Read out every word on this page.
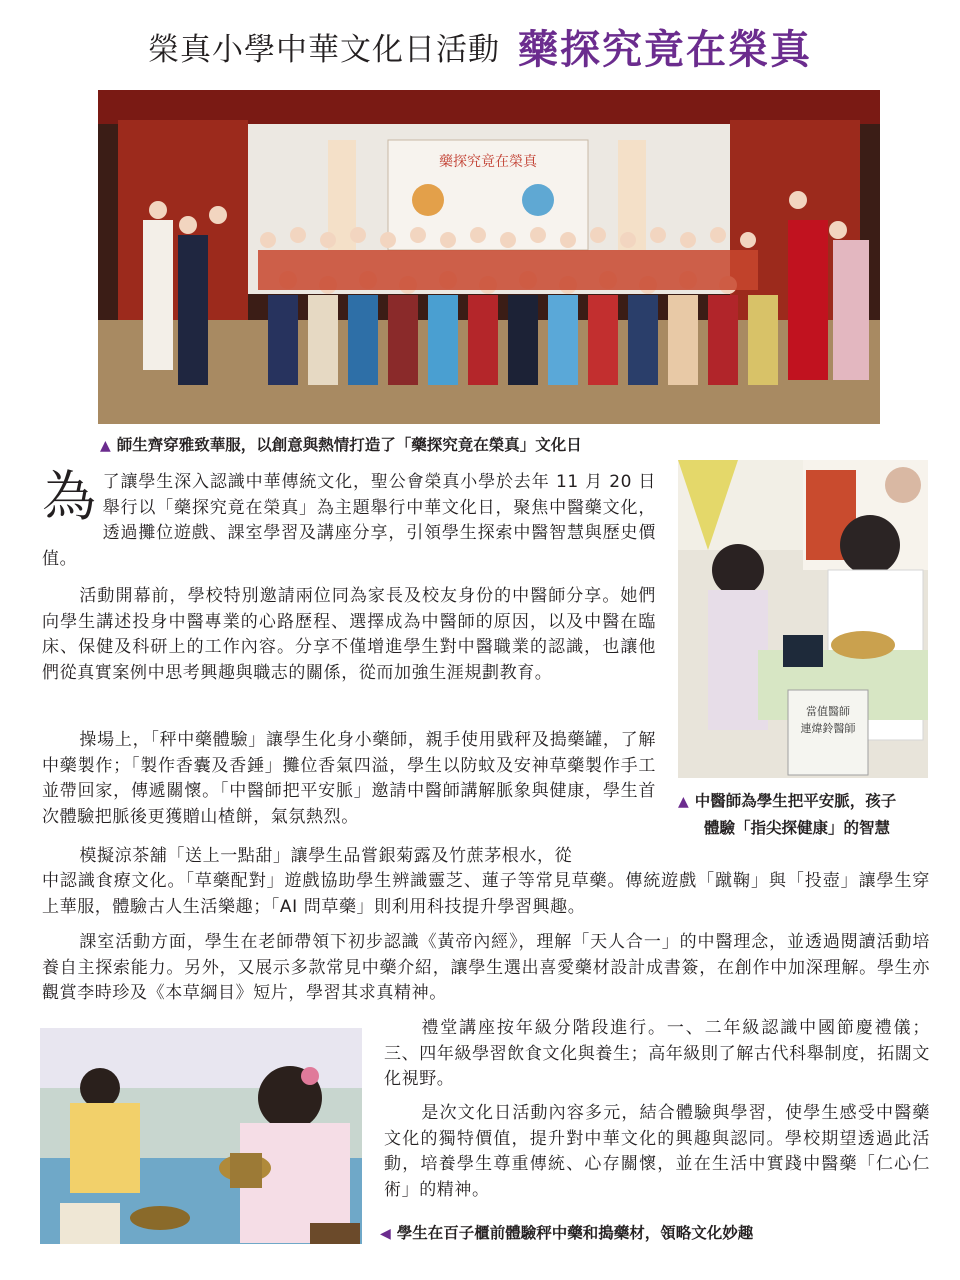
榮真小學中華文化日活動 藥探究竟在榮真
藥探究竟在榮真
▲ 師生齊穿雅致華服，以創意與熱情打造了「藥探究竟在榮真」文化日
當值醫師
連煒鈴醫師
▲ 中醫師為學生把平安脈，孩子
體驗「指尖探健康」的智慧
為了讓學生深入認識中華傳統文化，聖公會榮真小學於去年 11 月 20 日舉行以「藥探究竟在榮真」為主題舉行中華文化日，聚焦中醫藥文化，透過攤位遊戲、課室學習及講座分享，引領學生探索中醫智慧與歷史價值。

活動開幕前，學校特別邀請兩位同為家長及校友身份的中醫師分享。她們向學生講述投身中醫專業的心路歷程、選擇成為中醫師的原因，以及中醫在臨床、保健及科研上的工作內容。分享不僅增進學生對中醫職業的認識，也讓他們從真實案例中思考興趣與職志的關係，從而加強生涯規劃教育。

操場上，「秤中藥體驗」讓學生化身小藥師，親手使用戥秤及搗藥罐，了解中藥製作；「製作香囊及香錘」攤位香氣四溢，學生以防蚊及安神草藥製作手工並帶回家，傳遞關懷。「中醫師把平安脈」邀請中醫師講解脈象與健康，學生首次體驗把脈後更獲贈山楂餅，氣氛熱烈。

模擬涼茶舖「送上一點甜」讓學生品嘗銀菊露及竹蔗茅根水，從

中認識食療文化。「草藥配對」遊戲協助學生辨識靈芝、蓮子等常見草藥。傳統遊戲「蹴鞠」與「投壺」讓學生穿上華服，體驗古人生活樂趣；「AI 問草藥」則利用科技提升學習興趣。

課室活動方面，學生在老師帶領下初步認識《黃帝內經》，理解「天人合一」的中醫理念，並透過閱讀活動培養自主探索能力。另外，又展示多款常見中藥介紹，讓學生選出喜愛藥材設計成書簽，在創作中加深理解。學生亦觀賞李時珍及《本草綱目》短片，學習其求真精神。

禮堂講座按年級分階段進行。一、二年級認識中國節慶禮儀；三、四年級學習飲食文化與養生；高年級則了解古代科舉制度，拓闊文化視野。

是次文化日活動內容多元，結合體驗與學習，使學生感受中醫藥文化的獨特價值，提升對中華文化的興趣與認同。學校期望透過此活動，培養學生尊重傳統、心存關懷，並在生活中實踐中醫藥「仁心仁術」的精神。

◀ 學生在百子櫃前體驗秤中藥和搗藥材，領略文化妙趣
